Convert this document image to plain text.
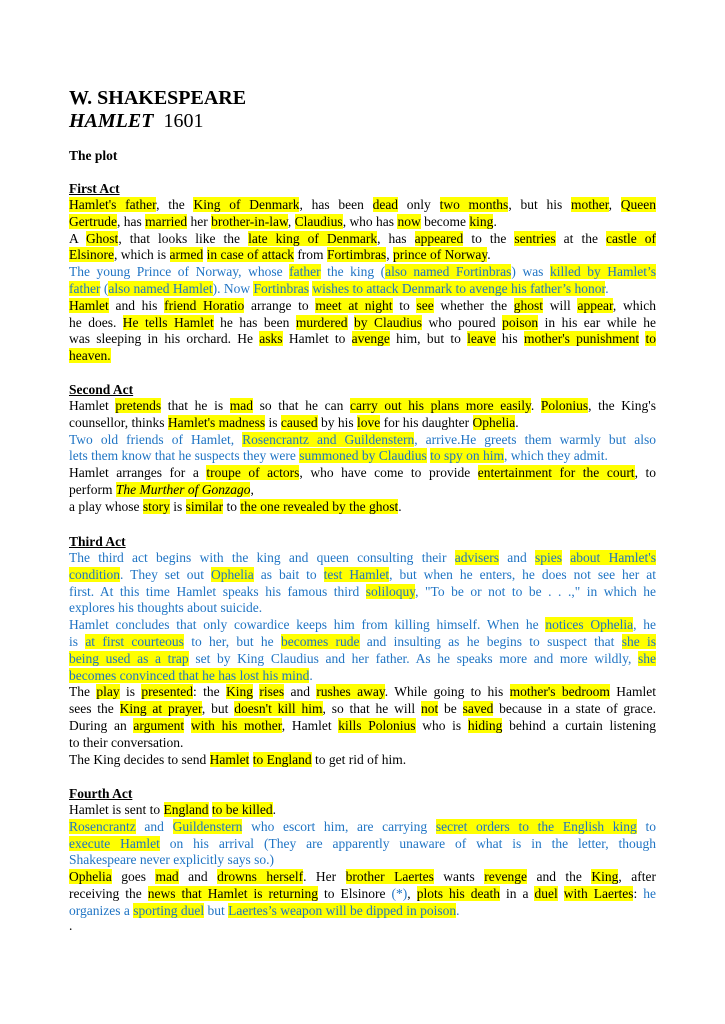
W. SHAKESPEARE
HAMLET 1601
The plot
First Act
Hamlet's father, the King of Denmark, has been dead only two months, but his mother, Queen
Gertrude, has married her brother-in-law, Claudius, who has now become king.
A Ghost, that looks like the late king of Denmark, has appeared to the sentries at the castle of
Elsinore, which is armed in case of attack from Fortimbras, prince of Norway.
The young Prince of Norway, whose father the king (also named Fortinbras) was killed by Hamlet’s
father (also named Hamlet). Now Fortinbras wishes to attack Denmark to avenge his father’s honor.
Hamlet and his friend Horatio arrange to meet at night to see whether the ghost will appear, which
he does. He tells Hamlet he has been murdered by Claudius who poured poison in his ear while he
was sleeping in his orchard. He asks Hamlet to avenge him, but to leave his mother's punishment to
heaven.
Second Act
Hamlet pretends that he is mad so that he can carry out his plans more easily. Polonius, the King's
counsellor, thinks Hamlet's madness is caused by his love for his daughter Ophelia.
Two old friends of Hamlet, Rosencrantz and Guildenstern, arrive.He greets them warmly but also
lets them know that he suspects they were summoned by Claudius to spy on him, which they admit.
Hamlet arranges for a troupe of actors, who have come to provide entertainment for the court, to
perform The Murther of Gonzago,
a play whose story is similar to the one revealed by the ghost.
Third Act
The third act begins with the king and queen consulting their advisers and spies about Hamlet's
condition. They set out Ophelia as bait to test Hamlet, but when he enters, he does not see her at
first. At this time Hamlet speaks his famous third soliloquy, "To be or not to be . . .," in which he
explores his thoughts about suicide.
Hamlet concludes that only cowardice keeps him from killing himself. When he notices Ophelia, he
is at first courteous to her, but he becomes rude and insulting as he begins to suspect that she is
being used as a trap set by King Claudius and her father. As he speaks more and more wildly, she
becomes convinced that he has lost his mind.
The play is presented: the King rises and rushes away. While going to his mother's bedroom Hamlet
sees the King at prayer, but doesn't kill him, so that he will not be saved because in a state of grace.
During an argument with his mother, Hamlet kills Polonius who is hiding behind a curtain listening
to their conversation.
The King decides to send Hamlet to England to get rid of him.
Fourth Act
Hamlet is sent to England to be killed.
Rosencrantz and Guildenstern who escort him, are carrying secret orders to the English king to
execute Hamlet on his arrival (They are apparently unaware of what is in the letter, though
Shakespeare never explicitly says so.)
Ophelia goes mad and drowns herself. Her brother Laertes wants revenge and the King, after
receiving the news that Hamlet is returning to Elsinore (*), plots his death in a duel with Laertes: he
organizes a sporting duel but Laertes’s weapon will be dipped in poison.
.
